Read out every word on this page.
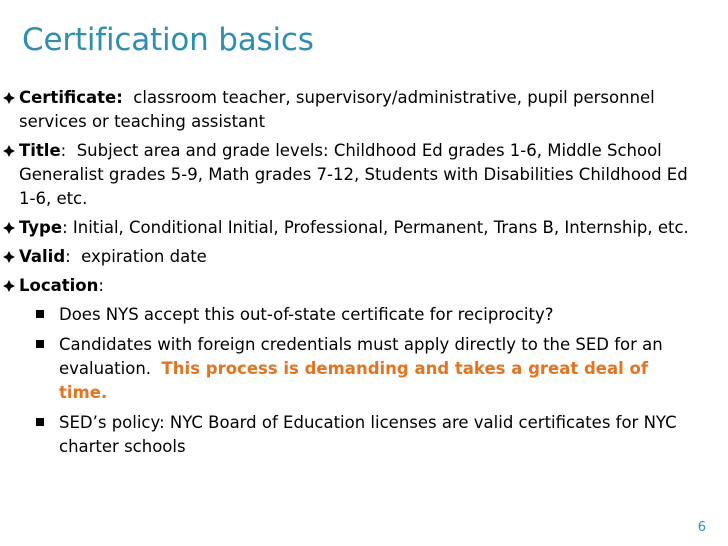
Certification basics
Certificate:  classroom teacher, supervisory/administrative, pupil personnel services or teaching assistant
Title:  Subject area and grade levels: Childhood Ed grades 1-6, Middle School Generalist grades 5-9, Math grades 7-12, Students with Disabilities Childhood Ed 1-6, etc.
Type: Initial, Conditional Initial, Professional, Permanent, Trans B, Internship, etc.
Valid:  expiration date
Location:
Does NYS accept this out-of-state certificate for reciprocity?
Candidates with foreign credentials must apply directly to the SED for an evaluation.  This process is demanding and takes a great deal of time.
SED’s policy: NYC Board of Education licenses are valid certificates for NYC charter schools
6
